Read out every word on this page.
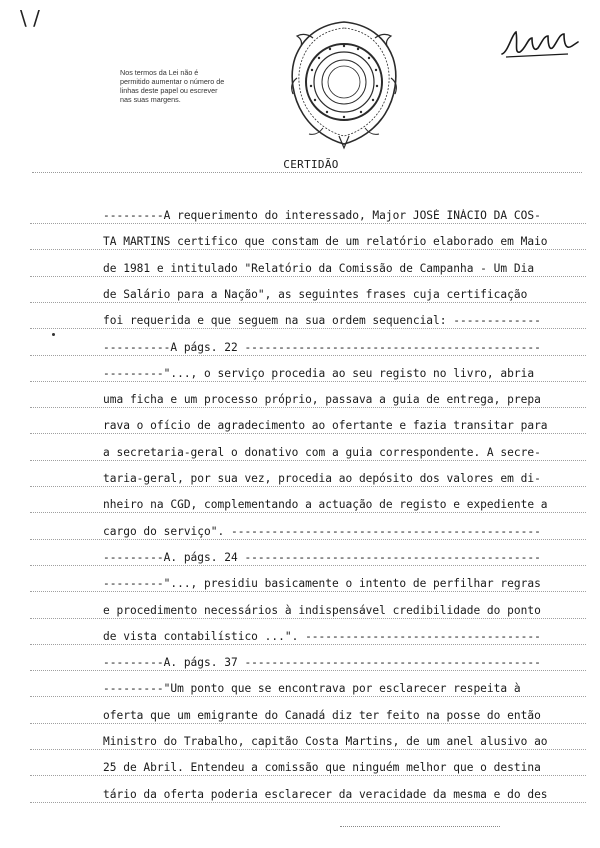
\ /
Nos termos da Lei não é permitido aumentar o número de linhas deste papel ou escrever nas suas margens.
CERTIDÃO
---------A requerimento do interessado, Major JOSÉ INÁCIO DA COS-
TA MARTINS certifico que constam de um relatório elaborado em Maio
de 1981 e intitulado "Relatório da Comissão de Campanha - Um Dia
de Salário para a Nação", as seguintes frases cuja certificação
foi requerida e que seguem na sua ordem sequencial: -------------
----------A págs. 22 --------------------------------------------
---------"..., o serviço procedia ao seu registo no livro, abria
uma ficha e um processo próprio, passava a guia de entrega, prepa
rava o ofício de agradecimento ao ofertante e fazia transitar para
a secretaria-geral o donativo com a guia correspondente. A secre-
taria-geral, por sua vez, procedia ao depósito dos valores em di-
nheiro na CGD, complementando a actuação de registo e expediente a
cargo do serviço". ----------------------------------------------
---------A. págs. 24 --------------------------------------------
---------"..., presidiu basicamente o intento de perfilhar regras
e procedimento necessários à indispensável credibilidade do ponto
de vista contabilístico ...". -----------------------------------
---------A. págs. 37 --------------------------------------------
---------"Um ponto que se encontrava por esclarecer respeita à
oferta que um emigrante do Canadá diz ter feito na posse do então
Ministro do Trabalho, capitão Costa Martins, de um anel alusivo ao
25 de Abril. Entendeu a comissão que ninguém melhor que o destina
tário da oferta poderia esclarecer da veracidade da mesma e do des
